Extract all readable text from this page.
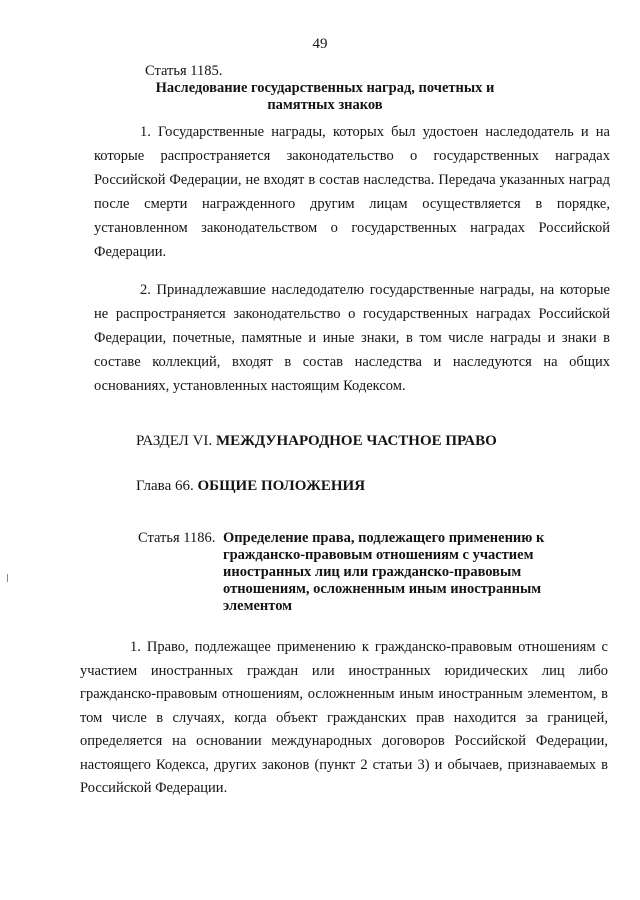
49
Статья 1185. Наследование государственных наград, почетных и памятных знаков

1. Государственные награды, которых был удостоен наследодатель и на которые распространяется законодательство о государственных наградах Российской Федерации, не входят в состав наследства. Передача указанных наград после смерти награжденного другим лицам осуществляется в порядке, установленном законодательством о государственных наградах Российской Федерации.

2. Принадлежавшие наследодателю государственные награды, на которые не распространяется законодательство о государственных наградах Российской Федерации, почетные, памятные и иные знаки, в том числе награды и знаки в составе коллекций, входят в состав наследства и наследуются на общих основаниях, установленных настоящим Кодексом.

РАЗДЕЛ VI. МЕЖДУНАРОДНОЕ ЧАСТНОЕ ПРАВО
Глава 66. ОБЩИЕ ПОЛОЖЕНИЯ
Статья 1186. Определение права, подлежащего применению к гражданско-правовым отношениям с участием иностранных лиц или гражданско-правовым отношениям, осложненным иным иностранным элементом

1. Право, подлежащее применению к гражданско-правовым отношениям с участием иностранных граждан или иностранных юридических лиц либо гражданско-правовым отношениям, осложненным иным иностранным элементом, в том числе в случаях, когда объект гражданских прав находится за границей, определяется на основании международных договоров Российской Федерации, настоящего Кодекса, других законов (пункт 2 статьи 3) и обычаев, признаваемых в Российской Федерации.
